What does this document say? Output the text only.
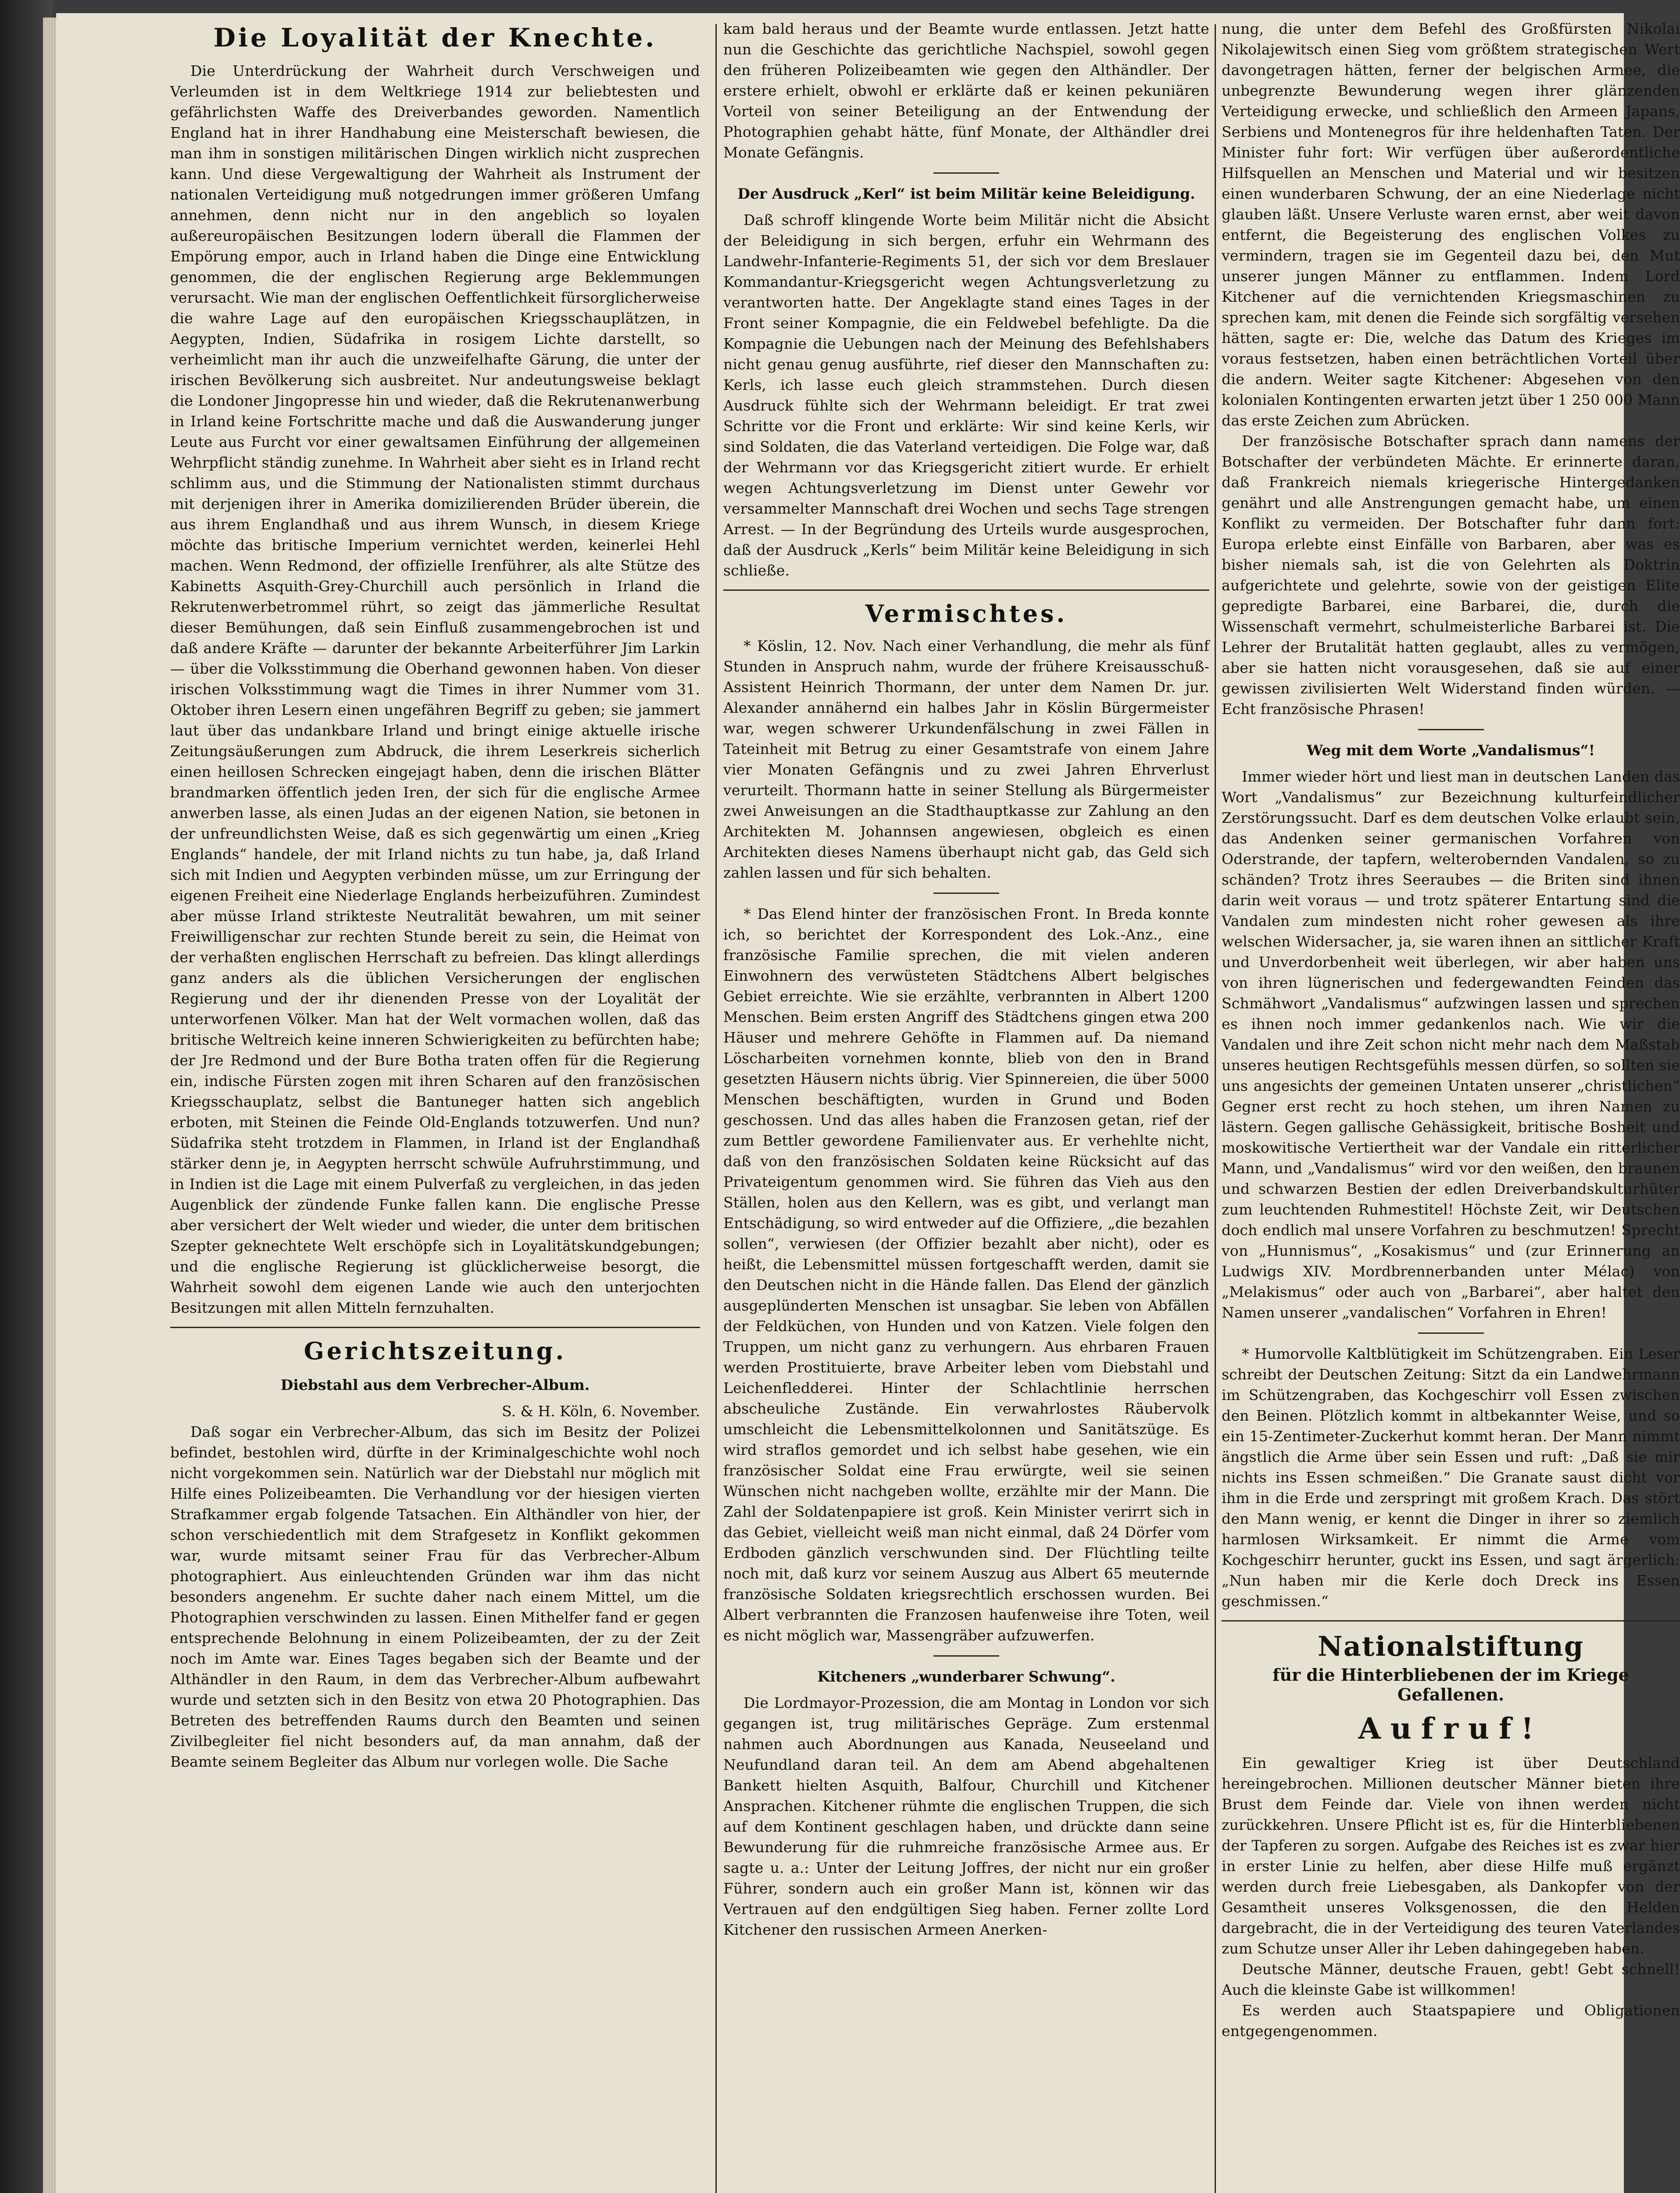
Die Loyalität der Knechte.

Die Unterdrückung der Wahrheit durch Verschweigen und Verleumden ist in dem Weltkriege 1914 zur beliebtesten und gefährlichsten Waffe des Dreiverbandes geworden. Namentlich England hat in ihrer Handhabung eine Meisterschaft bewiesen, die man ihm in sonstigen militärischen Dingen wirklich nicht zusprechen kann. Und diese Vergewaltigung der Wahrheit als Instrument der nationalen Verteidigung muß notgedrungen immer größeren Umfang annehmen, denn nicht nur in den angeblich so loyalen außereuropäischen Besitzungen lodern überall die Flammen der Empörung empor, auch in Irland haben die Dinge eine Entwicklung genommen, die der englischen Regierung arge Beklemmungen verursacht. Wie man der englischen Oeffentlichkeit fürsorglicherweise die wahre Lage auf den europäischen Kriegsschauplätzen, in Aegypten, Indien, Südafrika in rosigem Lichte darstellt, so verheimlicht man ihr auch die unzweifelhafte Gärung, die unter der irischen Bevölkerung sich ausbreitet. Nur andeutungsweise beklagt die Londoner Jingopresse hin und wieder, daß die Rekrutenanwerbung in Irland keine Fortschritte mache und daß die Auswanderung junger Leute aus Furcht vor einer gewaltsamen Einführung der allgemeinen Wehrpflicht ständig zunehme. In Wahrheit aber sieht es in Irland recht schlimm aus, und die Stimmung der Nationalisten stimmt durchaus mit derjenigen ihrer in Amerika domizilierenden Brüder überein, die aus ihrem Englandhaß und aus ihrem Wunsch, in diesem Kriege möchte das britische Imperium vernichtet werden, keinerlei Hehl machen. Wenn Redmond, der offizielle Irenführer, als alte Stütze des Kabinetts Asquith-Grey-Churchill auch persönlich in Irland die Rekrutenwerbetrommel rührt, so zeigt das jämmerliche Resultat dieser Bemühungen, daß sein Einfluß zusammengebrochen ist und daß andere Kräfte — darunter der bekannte Arbeiterführer Jim Larkin — über die Volksstimmung die Oberhand gewonnen haben. Von dieser irischen Volksstimmung wagt die Times in ihrer Nummer vom 31. Oktober ihren Lesern einen ungefähren Begriff zu geben; sie jammert laut über das undankbare Irland und bringt einige aktuelle irische Zeitungsäußerungen zum Abdruck, die ihrem Leserkreis sicherlich einen heillosen Schrecken eingejagt haben, denn die irischen Blätter brandmarken öffentlich jeden Iren, der sich für die englische Armee anwerben lasse, als einen Judas an der eigenen Nation, sie betonen in der unfreundlichsten Weise, daß es sich gegenwärtig um einen „Krieg Englands“ handele, der mit Irland nichts zu tun habe, ja, daß Irland sich mit Indien und Aegypten verbinden müsse, um zur Erringung der eigenen Freiheit eine Niederlage Englands herbeizuführen. Zumindest aber müsse Irland strikteste Neutralität bewahren, um mit seiner Freiwilligenschar zur rechten Stunde bereit zu sein, die Heimat von der verhaßten englischen Herrschaft zu befreien. Das klingt allerdings ganz anders als die üblichen Versicherungen der englischen Regierung und der ihr dienenden Presse von der Loyalität der unterworfenen Völker. Man hat der Welt vormachen wollen, daß das britische Weltreich keine inneren Schwierigkeiten zu befürchten habe; der Jre Redmond und der Bure Botha traten offen für die Regierung ein, indische Fürsten zogen mit ihren Scharen auf den französischen Kriegsschauplatz, selbst die Bantuneger hatten sich angeblich erboten, mit Steinen die Feinde Old-Englands totzuwerfen. Und nun? Südafrika steht trotzdem in Flammen, in Irland ist der Englandhaß stärker denn je, in Aegypten herrscht schwüle Aufruhrstimmung, und in Indien ist die Lage mit einem Pulverfaß zu vergleichen, in das jeden Augenblick der zündende Funke fallen kann. Die englische Presse aber versichert der Welt wieder und wieder, die unter dem britischen Szepter geknechtete Welt erschöpfe sich in Loyalitätskundgebungen; und die englische Regierung ist glücklicherweise besorgt, die Wahrheit sowohl dem eigenen Lande wie auch den unterjochten Besitzungen mit allen Mitteln fernzuhalten.

Gerichtszeitung.
Diebstahl aus dem Verbrecher-Album.
S. & H. Köln, 6. November.

Daß sogar ein Verbrecher-Album, das sich im Besitz der Polizei befindet, bestohlen wird, dürfte in der Kriminalgeschichte wohl noch nicht vorgekommen sein. Natürlich war der Diebstahl nur möglich mit Hilfe eines Polizeibeamten. Die Verhandlung vor der hiesigen vierten Strafkammer ergab folgende Tatsachen. Ein Althändler von hier, der schon verschiedentlich mit dem Strafgesetz in Konflikt gekommen war, wurde mitsamt seiner Frau für das Verbrecher-Album photographiert. Aus einleuchtenden Gründen war ihm das nicht besonders angenehm. Er suchte daher nach einem Mittel, um die Photographien verschwinden zu lassen. Einen Mithelfer fand er gegen entsprechende Belohnung in einem Polizeibeamten, der zu der Zeit noch im Amte war. Eines Tages begaben sich der Beamte und der Althändler in den Raum, in dem das Verbrecher-Album aufbewahrt wurde und setzten sich in den Besitz von etwa 20 Photographien. Das Betreten des betreffenden Raums durch den Beamten und seinen Zivilbegleiter fiel nicht besonders auf, da man annahm, daß der Beamte seinem Begleiter das Album nur vorlegen wolle. Die Sache

kam bald heraus und der Beamte wurde entlassen. Jetzt hatte nun die Geschichte das gerichtliche Nachspiel, sowohl gegen den früheren Polizeibeamten wie gegen den Althändler. Der erstere erhielt, obwohl er erklärte daß er keinen pekuniären Vorteil von seiner Beteiligung an der Entwendung der Photographien gehabt hätte, fünf Monate, der Althändler drei Monate Gefängnis.

Der Ausdruck „Kerl“ ist beim Militär keine Beleidigung.

Daß schroff klingende Worte beim Militär nicht die Absicht der Beleidigung in sich bergen, erfuhr ein Wehrmann des Landwehr-Infanterie-Regiments 51, der sich vor dem Breslauer Kommandantur-Kriegsgericht wegen Achtungsverletzung zu verantworten hatte. Der Angeklagte stand eines Tages in der Front seiner Kompagnie, die ein Feldwebel befehligte. Da die Kompagnie die Uebungen nach der Meinung des Befehlshabers nicht genau genug ausführte, rief dieser den Mannschaften zu: Kerls, ich lasse euch gleich strammstehen. Durch diesen Ausdruck fühlte sich der Wehrmann beleidigt. Er trat zwei Schritte vor die Front und erklärte: Wir sind keine Kerls, wir sind Soldaten, die das Vaterland verteidigen. Die Folge war, daß der Wehrmann vor das Kriegsgericht zitiert wurde. Er erhielt wegen Achtungsverletzung im Dienst unter Gewehr vor versammelter Mannschaft drei Wochen und sechs Tage strengen Arrest. — In der Begründung des Urteils wurde ausgesprochen, daß der Ausdruck „Kerls“ beim Militär keine Beleidigung in sich schließe.

Vermischtes.

* Köslin, 12. Nov. Nach einer Verhandlung, die mehr als fünf Stunden in Anspruch nahm, wurde der frühere Kreisausschuß-Assistent Heinrich Thormann, der unter dem Namen Dr. jur. Alexander annähernd ein halbes Jahr in Köslin Bürgermeister war, wegen schwerer Urkundenfälschung in zwei Fällen in Tateinheit mit Betrug zu einer Gesamtstrafe von einem Jahre vier Monaten Gefängnis und zu zwei Jahren Ehrverlust verurteilt. Thormann hatte in seiner Stellung als Bürgermeister zwei Anweisungen an die Stadthauptkasse zur Zahlung an den Architekten M. Johannsen angewiesen, obgleich es einen Architekten dieses Namens überhaupt nicht gab, das Geld sich zahlen lassen und für sich behalten.

* Das Elend hinter der französischen Front. In Breda konnte ich, so berichtet der Korrespondent des Lok.-Anz., eine französische Familie sprechen, die mit vielen anderen Einwohnern des verwüsteten Städtchens Albert belgisches Gebiet erreichte. Wie sie erzählte, verbrannten in Albert 1200 Menschen. Beim ersten Angriff des Städtchens gingen etwa 200 Häuser und mehrere Gehöfte in Flammen auf. Da niemand Löscharbeiten vornehmen konnte, blieb von den in Brand gesetzten Häusern nichts übrig. Vier Spinnereien, die über 5000 Menschen beschäftigten, wurden in Grund und Boden geschossen. Und das alles haben die Franzosen getan, rief der zum Bettler gewordene Familienvater aus. Er verhehlte nicht, daß von den französischen Soldaten keine Rücksicht auf das Privateigentum genommen wird. Sie führen das Vieh aus den Ställen, holen aus den Kellern, was es gibt, und verlangt man Entschädigung, so wird entweder auf die Offiziere, „die bezahlen sollen“, verwiesen (der Offizier bezahlt aber nicht), oder es heißt, die Lebensmittel müssen fortgeschafft werden, damit sie den Deutschen nicht in die Hände fallen. Das Elend der gänzlich ausgeplünderten Menschen ist unsagbar. Sie leben von Abfällen der Feldküchen, von Hunden und von Katzen. Viele folgen den Truppen, um nicht ganz zu verhungern. Aus ehrbaren Frauen werden Prostituierte, brave Arbeiter leben vom Diebstahl und Leichenfledderei. Hinter der Schlachtlinie herrschen abscheuliche Zustände. Ein verwahrlostes Räubervolk umschleicht die Lebensmittelkolonnen und Sanitätszüge. Es wird straflos gemordet und ich selbst habe gesehen, wie ein französischer Soldat eine Frau erwürgte, weil sie seinen Wünschen nicht nachgeben wollte, erzählte mir der Mann. Die Zahl der Soldatenpapiere ist groß. Kein Minister verirrt sich in das Gebiet, vielleicht weiß man nicht einmal, daß 24 Dörfer vom Erdboden gänzlich verschwunden sind. Der Flüchtling teilte noch mit, daß kurz vor seinem Auszug aus Albert 65 meuternde französische Soldaten kriegsrechtlich erschossen wurden. Bei Albert verbrannten die Franzosen haufenweise ihre Toten, weil es nicht möglich war, Massengräber aufzuwerfen.

Kitcheners „wunderbarer Schwung“.

Die Lordmayor-Prozession, die am Montag in London vor sich gegangen ist, trug militärisches Gepräge. Zum erstenmal nahmen auch Abordnungen aus Kanada, Neuseeland und Neufundland daran teil. An dem am Abend abgehaltenen Bankett hielten Asquith, Balfour, Churchill und Kitchener Ansprachen. Kitchener rühmte die englischen Truppen, die sich auf dem Kontinent geschlagen haben, und drückte dann seine Bewunderung für die ruhmreiche französische Armee aus. Er sagte u. a.: Unter der Leitung Joffres, der nicht nur ein großer Führer, sondern auch ein großer Mann ist, können wir das Vertrauen auf den endgültigen Sieg haben. Ferner zollte Lord Kitchener den russischen Armeen Anerken-

nung, die unter dem Befehl des Großfürsten Nikolai Nikolajewitsch einen Sieg vom größtem strategischen Wert davongetragen hätten, ferner der belgischen Armee, die unbegrenzte Bewunderung wegen ihrer glänzenden Verteidigung erwecke, und schließlich den Armeen Japans, Serbiens und Montenegros für ihre heldenhaften Taten. Der Minister fuhr fort: Wir verfügen über außerordentliche Hilfsquellen an Menschen und Material und wir besitzen einen wunderbaren Schwung, der an eine Niederlage nicht glauben läßt. Unsere Verluste waren ernst, aber weit davon entfernt, die Begeisterung des englischen Volkes zu vermindern, tragen sie im Gegenteil dazu bei, den Mut unserer jungen Männer zu entflammen. Indem Lord Kitchener auf die vernichtenden Kriegsmaschinen zu sprechen kam, mit denen die Feinde sich sorgfältig versehen hätten, sagte er: Die, welche das Datum des Krieges im voraus festsetzen, haben einen beträchtlichen Vorteil über die andern. Weiter sagte Kitchener: Abgesehen von den kolonialen Kontingenten erwarten jetzt über 1 250 000 Mann das erste Zeichen zum Abrücken.

Der französische Botschafter sprach dann namens der Botschafter der verbündeten Mächte. Er erinnerte daran, daß Frankreich niemals kriegerische Hintergedanken genährt und alle Anstrengungen gemacht habe, um einen Konflikt zu vermeiden. Der Botschafter fuhr dann fort: Europa erlebte einst Einfälle von Barbaren, aber was es bisher niemals sah, ist die von Gelehrten als Doktrin aufgerichtete und gelehrte, sowie von der geistigen Elite gepredigte Barbarei, eine Barbarei, die, durch die Wissenschaft vermehrt, schulmeisterliche Barbarei ist. Die Lehrer der Brutalität hatten geglaubt, alles zu vermögen, aber sie hatten nicht vorausgesehen, daß sie auf einer gewissen zivilisierten Welt Widerstand finden würden. — Echt französische Phrasen!

Weg mit dem Worte „Vandalismus“!

Immer wieder hört und liest man in deutschen Landen das Wort „Vandalismus“ zur Bezeichnung kulturfeindlicher Zerstörungssucht. Darf es dem deutschen Volke erlaubt sein, das Andenken seiner germanischen Vorfahren von Oderstrande, der tapfern, welterobernden Vandalen, so zu schänden? Trotz ihres Seeraubes — die Briten sind ihnen darin weit voraus — und trotz späterer Entartung sind die Vandalen zum mindesten nicht roher gewesen als ihre welschen Widersacher, ja, sie waren ihnen an sittlicher Kraft und Unverdorbenheit weit überlegen, wir aber haben uns von ihren lügnerischen und federgewandten Feinden das Schmähwort „Vandalismus“ aufzwingen lassen und sprechen es ihnen noch immer gedankenlos nach. Wie wir die Vandalen und ihre Zeit schon nicht mehr nach dem Maßstab unseres heutigen Rechtsgefühls messen dürfen, so sollten sie uns angesichts der gemeinen Untaten unserer „christlichen“ Gegner erst recht zu hoch stehen, um ihren Namen zu lästern. Gegen gallische Gehässigkeit, britische Bosheit und moskowitische Vertiertheit war der Vandale ein ritterlicher Mann, und „Vandalismus“ wird vor den weißen, den braunen und schwarzen Bestien der edlen Dreiverbandskulturhüter zum leuchtenden Ruhmestitel! Höchste Zeit, wir Deutschen doch endlich mal unsere Vorfahren zu beschmutzen! Sprecht von „Hunnismus“, „Kosakismus“ und (zur Erinnerung an Ludwigs XIV. Mordbrennerbanden unter Mélac) von „Melakismus“ oder auch von „Barbarei“, aber haltet den Namen unserer „vandalischen“ Vorfahren in Ehren!

* Humorvolle Kaltblütigkeit im Schützengraben. Ein Leser schreibt der Deutschen Zeitung: Sitzt da ein Landwehrmann im Schützengraben, das Kochgeschirr voll Essen zwischen den Beinen. Plötzlich kommt in altbekannter Weise, und so ein 15-Zentimeter-Zuckerhut kommt heran. Der Mann nimmt ängstlich die Arme über sein Essen und ruft: „Daß sie mir nichts ins Essen schmeißen.“ Die Granate saust dicht vor ihm in die Erde und zerspringt mit großem Krach. Das stört den Mann wenig, er kennt die Dinger in ihrer so ziemlich harmlosen Wirksamkeit. Er nimmt die Arme vom Kochgeschirr herunter, guckt ins Essen, und sagt ärgerlich: „Nun haben mir die Kerle doch Dreck ins Essen geschmissen.“

Nationalstiftung
für die Hinterbliebenen der im Kriege Gefallenen.
Aufruf!

Ein gewaltiger Krieg ist über Deutschland hereingebrochen. Millionen deutscher Männer bieten ihre Brust dem Feinde dar. Viele von ihnen werden nicht zurückkehren. Unsere Pflicht ist es, für die Hinterbliebenen der Tapferen zu sorgen. Aufgabe des Reiches ist es zwar hier in erster Linie zu helfen, aber diese Hilfe muß ergänzt werden durch freie Liebesgaben, als Dankopfer von der Gesamtheit unseres Volksgenossen, die den Helden dargebracht, die in der Verteidigung des teuren Vaterlandes zum Schutze unser Aller ihr Leben dahingegeben haben.

Deutsche Männer, deutsche Frauen, gebt! Gebt schnell! Auch die kleinste Gabe ist willkommen!

Es werden auch Staatspapiere und Obligationen entgegengenommen.
